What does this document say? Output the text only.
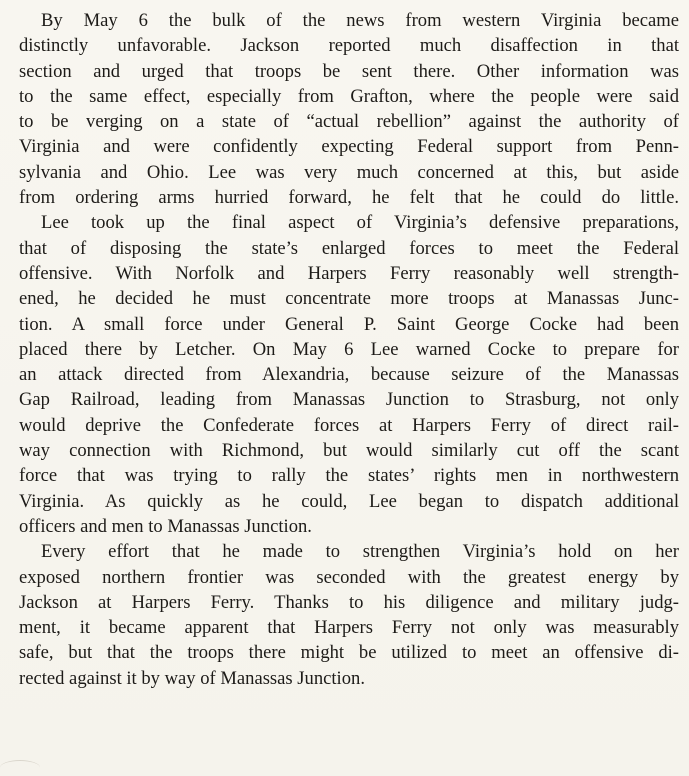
By May 6 the bulk of the news from western Virginia became
distinctly unfavorable. Jackson reported much disaffection in that
section and urged that troops be sent there. Other information was
to the same effect, especially from Grafton, where the people were said
to be verging on a state of “actual rebellion” against the authority of
Virginia and were confidently expecting Federal support from Penn-
sylvania and Ohio. Lee was very much concerned at this, but aside
from ordering arms hurried forward, he felt that he could do little.
Lee took up the final aspect of Virginia’s defensive preparations,
that of disposing the state’s enlarged forces to meet the Federal
offensive. With Norfolk and Harpers Ferry reasonably well strength-
ened, he decided he must concentrate more troops at Manassas Junc-
tion. A small force under General P. Saint George Cocke had been
placed there by Letcher. On May 6 Lee warned Cocke to prepare for
an attack directed from Alexandria, because seizure of the Manassas
Gap Railroad, leading from Manassas Junction to Strasburg, not only
would deprive the Confederate forces at Harpers Ferry of direct rail-
way connection with Richmond, but would similarly cut off the scant
force that was trying to rally the states’ rights men in northwestern
Virginia. As quickly as he could, Lee began to dispatch additional
officers and men to Manassas Junction.
Every effort that he made to strengthen Virginia’s hold on her
exposed northern frontier was seconded with the greatest energy by
Jackson at Harpers Ferry. Thanks to his diligence and military judg-
ment, it became apparent that Harpers Ferry not only was measurably
safe, but that the troops there might be utilized to meet an offensive di-
rected against it by way of Manassas Junction.
